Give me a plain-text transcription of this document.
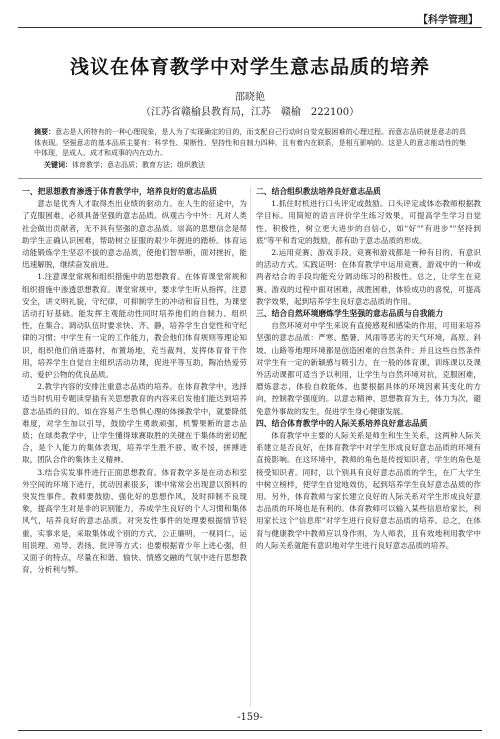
【科学管理】
浅议在体育教学中对学生意志品质的培养
邵晓艳
（江苏省赣榆县教育局，江苏　赣榆　222100）
摘要：意志是人所特有的一种心理现象，是人为了实现确定的目的，而支配自己行动时自觉克服困难的心理过程。而意志品质就是意志的具体表现。坚强意志的基本品质主要有：科学性、果断性、坚持性和自制力四种，且有着内在联系，是相互影响的。这是人的意志能动性的集中体现，是成人、成才和成事的内在动力。
关键词：体育教学；意志品质；教育方法；组织教法
一、把思想教育渗透于体育教学中，培养良好的意志品质

意志是优秀人才取得杰出业绩的驱动力。在人生的征途中，为了克服困难，必须具备坚强的意志品质。纵观古今中外：凡对人类社会做出贡献者，无不具有坚强的意志品质。崇高的思想信念是帮助学生正确认识困难，帮助树立征服的艰少年握进的踏桥。体育运动能锻炼学生坚忍不拔的意志品质，使他们智举断，面对挫折，能迅速解脱，继续奋发前进。

1.注意课堂常规和组织措施中的思想教育。在体育课堂常规和组织措施中渗透思想教育。课堂常规中，要求学生听从指挥，注意安全，讲文明礼貌，守纪律，可抑制学生的冲动和盲目性，为课堂活动打好基础。能发挥主观能动性同时培养他们的自制力、组织性，在集合、调动队伍时要求快、齐、静，培养学生自觉性和守纪律的习惯；中学生有一定的工作能力，教会他们体育规则等理论知识，组织他们俏进器材，布置场地，充当裁判，发挥体育骨干作用，培养学生自觉自主组织活动功课，促进平等互助，陶冶热爱劳动、爱护公物的优良品质。

2.教学内容的安排注重意志品质的培养。在体育教学中，选择适当时机用专题读穿插有关思想教育的内容来启发他们能达到培养意志品质的目的。如在容易产生恐惧心理的体操教学中，就要降低难度，对学生加以引导，鼓励学生勇敢顽强、机警果断的意志品质；在球类教学中，让学生懂得球赛取胜的关键在于集体的密切配合，是个人能力的集体表现，培养学生胜不骄、败不馁，拼搏进取，团队合作的集体主义精神。

3.结合实发事件进行正面思想教育。体育教学多是在动态和室外空间的环境下进行，扰动因素很多，课中常常会出现意以预料的突发性事件。教师要鼓励、强化好的思想作风，及时抑制不良现象，提高学生对是非的识别能力，养成学生良好的个人习惯和集体风气，培养良好的意志品质。对突发性事件的处理要根据情节轻重，实事求是，采取集体或个别的方式，公正廉明，一视同仁，运用说理、劝导、表扬、批评等方式；也要根据青少年上进心强，但又面子的特点，尽量在和谐、愉快、情感交融的气氛中进行思想教育，分析利与弊。

二、结合组织教法培养良好意志品质

1.抓住时机进行口头评定或鼓励。口头评定或体态教师根据教学目标、用简短的语言评价学生练习效果，可提高学生学习自觉性、积极性，树立更大进步的自信心，如"好""有进步""坚持到底"等平和肯定的鼓励，都有助于意志品质的形成。

2.运用竞赛、游戏手段。竞赛和游戏都是一种有目的、有意识的活动方式。实践证明：在体育教学中运用竞赛、游戏中的一种或两者结合的手段均能充分调动练习的积极性。总之，让学生在竞赛、游戏的过程中面对困难，战胜困难，体验成功的喜悦，可提高教学效果，起到培养学生良好意志品质的作用。

三、结合自然环境磨炼学生坚强的意志品质与自我能力

自然环境对中学生来说有直接感观和感染的作用，可用来培养坚强的意志品质：严寒、酷暑、风雨等恶劣的天气环境，高原、斜坡、山路等地理环境都是创造困难的自然条件；并且这些自然条件对学生有一定的新颖感与吸引力，在一般的体育课、训练课以及课外活动课都可适当予以利用，让学生与自然环境对抗，克服困难，磨炼意志，体验自救能体。也要根据具体的环境因素其变化的方向，控制教学强度的。以意志精神、思想教育为主，体力为次，避免意外事故的发生，促进学生身心健康发展。

四、结合体育教学中的人际关系培养良好意志品质

体育教学中主要的人际关系是师生和生生关系，这两种人际关系建立是否良好，在体育教学中对学生形成良好意志品质的环境有直接影响。在这环境中，教师的角色是传授知识者，学生的角色是接受知识者。同时，以个别具有良好意志品质的学生，在广大学生中树立榜样，使学生自觉地效仿，起到培养学生良好意志品质的作用。另外，体育教师与家长建立良好的人际关系对学生形成良好意志品质的环境也是有利的。体育教师可以输入某些信息给家长，利用家长这个"信息库"对学生进行良好意志品质的培养。总之，在体育与健康教学中教师应以身作则，为人师表，且有效地利用教学中的人际关系就能有意识地对学生进行良好意志品质的培养。

-159-
